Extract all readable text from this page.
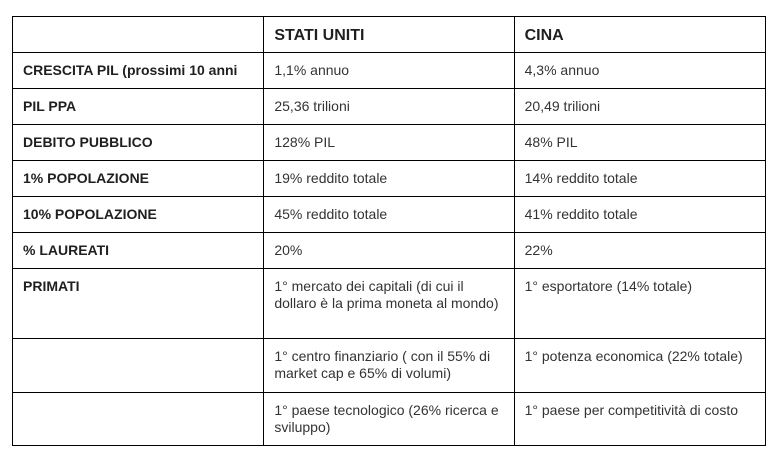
	STATI UNITI	CINA
CRESCITA PIL (prossimi 10 anni	1,1% annuo	4,3% annuo
PIL PPA	25,36 trilioni	20,49 trilioni
DEBITO PUBBLICO	128% PIL	48% PIL
1% POPOLAZIONE	19% reddito totale	14% reddito totale
10% POPOLAZIONE	45% reddito totale	41% reddito totale
% LAUREATI	20%	22%
PRIMATI	1° mercato dei capitali (di cui il dollaro è la prima moneta al mondo)	1° esportatore (14% totale)
	1° centro finanziario ( con il 55% di market cap e 65% di volumi)	1° potenza economica (22% totale)
	1° paese tecnologico (26% ricerca e sviluppo)	1° paese per competitività di costo
